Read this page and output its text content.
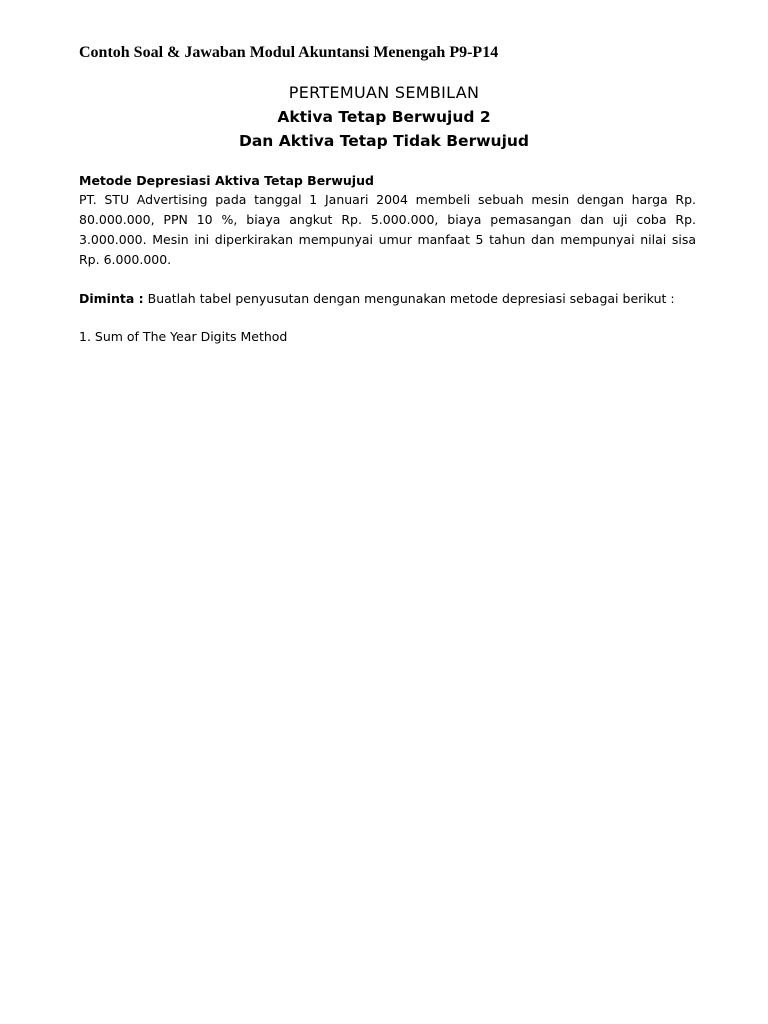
Contoh Soal & Jawaban Modul Akuntansi Menengah P9-P14
PERTEMUAN SEMBILAN
Aktiva Tetap Berwujud 2
Dan Aktiva Tetap Tidak Berwujud
Metode Depresiasi Aktiva Tetap Berwujud
PT. STU Advertising pada tanggal 1 Januari 2004 membeli sebuah mesin dengan harga Rp. 80.000.000, PPN 10 %, biaya angkut Rp. 5.000.000, biaya pemasangan dan uji coba Rp. 3.000.000. Mesin ini diperkirakan mempunyai umur manfaat 5 tahun dan mempunyai nilai sisa Rp. 6.000.000.
Diminta : Buatlah tabel penyusutan dengan mengunakan metode depresiasi sebagai berikut :
1. Sum of The Year Digits Method
